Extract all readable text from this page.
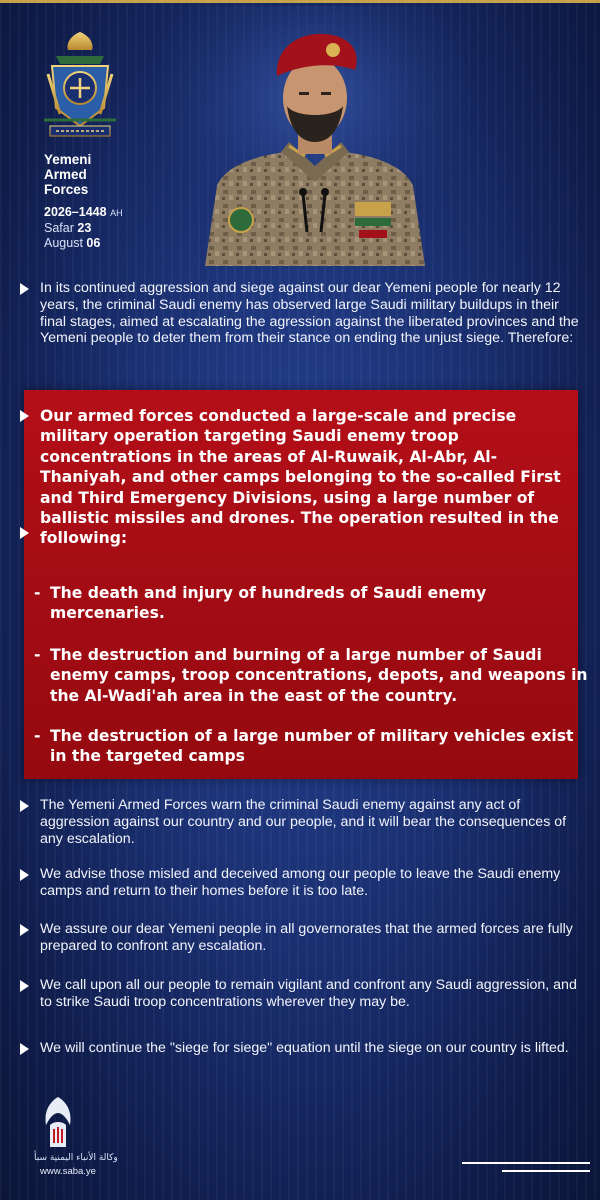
Yemeni
Armed
Forces
2026–1448 AH
Safar 23
August 06
In its continued aggression and siege against our dear Yemeni people for nearly 12 years, the criminal Saudi enemy has observed large Saudi military buildups in their final stages, aimed at escalating the agression against the liberated provinces and the Yemeni people to deter them from their stance on ending the unjust siege. Therefore:
Our armed forces conducted a large-scale and precise military operation targeting Saudi enemy troop concentrations in the areas of Al-Ruwaik, Al-Abr, Al-Thaniyah, and other camps belonging to the so-called First and Third Emergency Divisions, using a large number of ballistic missiles and drones. The operation resulted in the following:
- The death and injury of hundreds of Saudi enemy mercenaries.
- The destruction and burning of a large number of Saudi enemy camps, troop concentrations, depots, and weapons in the Al-Wadi'ah area in the east of the country.
- The destruction of a large number of military vehicles exist in the targeted camps
The Yemeni Armed Forces warn the criminal Saudi enemy against any act of aggression against our country and our people, and it will bear the consequences of any escalation.
We advise those misled and deceived among our people to leave the Saudi enemy camps and return to their homes before it is too late.
We assure our dear Yemeni people in all governorates that the armed forces are fully prepared to confront any escalation.
We call upon all our people to remain vigilant and confront any Saudi aggression, and to strike Saudi troop concentrations wherever they may be.
We will continue the "siege for siege" equation until the siege on our country is lifted.
وكالة الأنباء اليمنية سبأ
www.saba.ye
